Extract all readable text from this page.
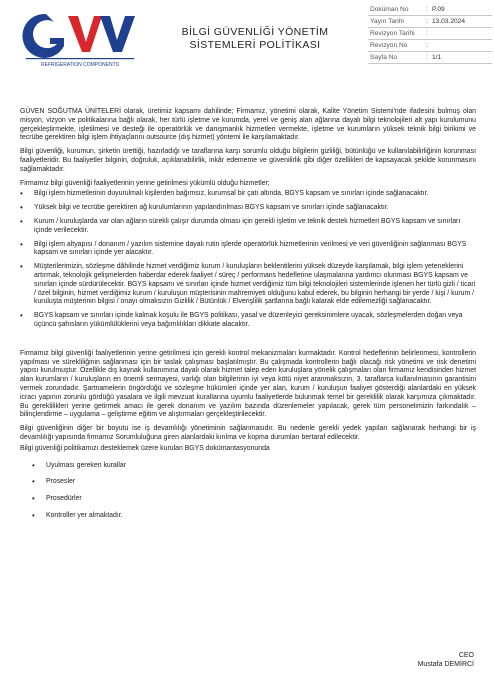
REFRIGERATION COMPONENTS
BİLGİ GÜVENLİĞİ YÖNETİM
SİSTEMLERİ POLİTİKASI
Doküman No	: P.09
Yayın Tarihi	: 13.03.2024
Revizyon Tarihi :
Revizyon No	:
Sayfa No	: 1/1

GÜVEN SOĞUTMA ÜNİTELERİ olarak, üretimiz kapsamı dahilinde; Firmamız, yönetimi olarak, Kalite Yönetim Sistemi'nde ifadesini bulmuş olan misyon, vizyon ve politikalarına bağlı olarak, her türlü işletme ve kurumda, yerel ve geniş alan ağlarına dayalı bilgi teknolojileri alt yapı kurulumunu gerçekleştirmekte, işletilmesi ve desteği ile operatörlük ve danışmanlık hizmetleri vermekte, işletme ve kurumların yüksek teknik bilgi birikimi ve tecrübe gerektiren bilgi işlem ihtiyaçlarını outsource (dış hizmet) yöntemi ile karşılamaktadır.

Bilgi güvenliği, kurumun, şirketin ürettiği, hazırladığı ve taraflarına karşı sorumlu olduğu bilgilerin gizliliği, bütünlüğü ve kullanılabilirliğinin korunması faaliyetleridir. Bu faaliyetler bilginin, doğruluk, açıklanabilirlik, inkâr edememe ve güvenilirlik gibi diğer özellikleri de kapsayacak şekilde korunmasını sağlamaktadır.

Firmamız bilgi güvenliği faaliyetlerinin yerine getirilmesi yükümlü olduğu hizmetler;

• Bilgi işlem hizmetlerinin duyurulmalı kişilerden bağımsız, kurumsal bir çatı altında, BGYS kapsam ve sınırları içinde sağlanacaktır.
• Yüksek bilgi ve tecrübe gerektiren ağ kurulumlarının yapılandırılması BGYS kapsam ve sınırları içinde sağlanacaktır.
• Kurum / kuruluşlarda var olan ağların sürekli çalışır durumda olması için gerekli işletim ve teknik destek hizmetleri BGYS kapsam ve sınırları içinde verilecektir.
• Bilgi işlem altyapısı / donanım / yazılım sistemine dayalı rutin işlerde operatörlük hizmetlerinin verilmesi ve veri güvenliğinin sağlanması BGYS kapsam ve sınırları içinde yer alacaktır.
• Müşterilerimizin, sözleşme dâhilinde hizmet verdiğimiz kurum / kuruluşların beklentilerini yüksek düzeyde karşılamak, bilgi işlem yeteneklerini artırmak, teknolojik gelişmelerden haberdar ederek faaliyet / süreç / performans hedeflerine ulaşmalarına yardımcı olunması BGYS kapsam ve sınırları içinde sürdürülecektir. BGYS kapsamı ve sınırları içinde hizmet verdiğimiz tüm bilgi teknolojileri sistemlerinde işlenen her türlü gizli / ticari / özel bilginin, hizmet verdiğimiz kurum / kuruluşun müşterisinin mahremiyeti olduğunu kabul ederek, bu bilginin herhangi bir yerde / kişi / kurum / kuruluşta müşterinin bilgisi / onayı olmaksızın Gizlilik / Bütünlük / Elverişlilik şartlarına bağlı kalarak elde edilemezliği sağlanacaktır.
• BGYS kapsam ve sınırları içinde kalmak koşulu ile BGYS politikası, yasal ve düzenleyici gereksinimlere uyacak, sözleşmelerden doğan veya üçüncü şahısların yükümlülüklerini veya bağımlılıkları dikkate alacaktır.

Firmamız bilgi güvenliği faaliyetlerinin yerine getirilmesi için gerekli kontrol mekanizmaları kurmaktadır. Kontrol hedeflerinin belirlenmesi, kontrollerin yapılması ve sürekliliğinin sağlanması için bir taslak çalışması başlatılmıştır. Bu çalışmada kontrollerin bağlı olacağı risk yönetimi ve risk denetimi yapısı kurulmuştur. Özellikle dış kaynak kullanımına dayalı olarak hizmet talep eden kuruluşlara yönelik çalışmaları olan firmamız kendisinden hizmet alan kurumların / kuruluşların en önemli sermayesi, varlığı olan bilgilerinin iyi veya kötü niyet aranmaksızın, 3. taraflarca kullanılmasının garantisini vermek zorundadır. Şartnamelerin öngördüğü ve sözleşme hükümleri içinde yer alan, kurum / kuruluşun faaliyet gösterdiği alanlardaki en yüksek icracı yapının zorunlu gördüğü yasalara ve ilgili mevzuat kurallarına uyumlu faaliyetlerde bulunmak temel bir gereklilik olarak karşımıza çıkmaktadır. Bu gereklilikleri yerine getirmek amacı ile gerek donanım ve yazılım bazında düzenlemeler yapılacak, gerek tüm personelimizin farkındalık – bilinçlendirme – uygulama – geliştirme eğitim ve alıştırmaları gerçekleştirilecektir.

Bilgi güvenliğinin diğer bir boyutu ise iş devamlılığı yönetiminin sağlanmasıdır. Bu nedenle gerekli yedek yapıları sağlanarak herhangi bir iş devamlılığı yapısında firmamız Sorumluluğuna giren alanlardaki kırılma ve kopma durumları bertaraf edilecektir.

Bilgi güvenliği politikamızı desteklemek üzere kurulan BGYS dokümantasyonunda

• Uyulması gereken kurallar
• Prosesler
• Prosedürler
• Kontroller yer almaktadır.
CEO
Mustafa DEMİRCİ
